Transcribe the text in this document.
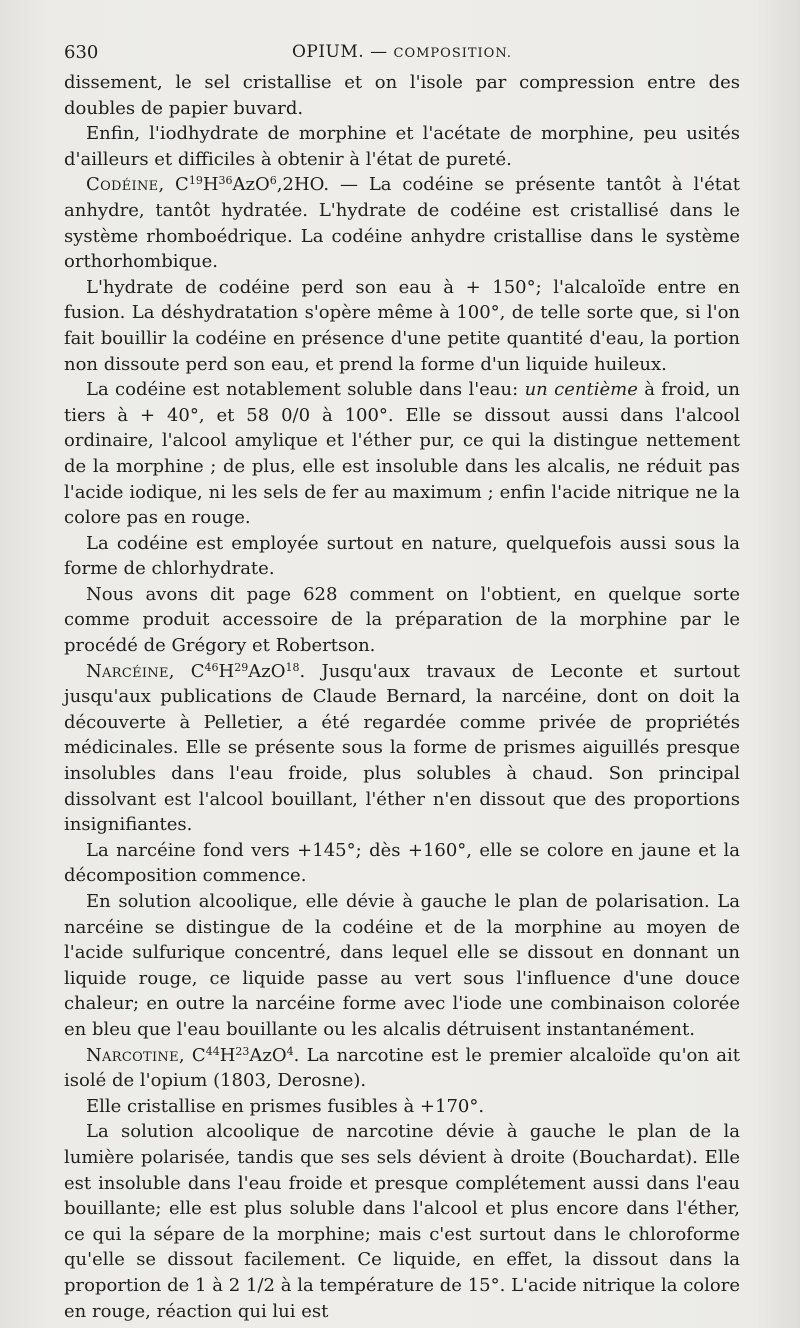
630	OPIUM. — COMPOSITION.

dissement, le sel cristallise et on l'isole par compression entre des doubles de papier buvard.

Enfin, l'iodhydrate de morphine et l'acétate de morphine, peu usités d'ailleurs et difficiles à obtenir à l'état de pureté.

Codéine, $C^{19}H^{36}AzO^6,2HO$. — La codéine se présente tantôt à l'état anhydre, tantôt hydratée. L'hydrate de codéine est cristallisé dans le système rhomboédrique. La codéine anhydre cristallise dans le système orthorhombique.

L'hydrate de codéine perd son eau à + 150°; l'alcaloïde entre en fusion. La déshydratation s'opère même à 100°, de telle sorte que, si l'on fait bouillir la codéine en présence d'une petite quantité d'eau, la portion non dissoute perd son eau, et prend la forme d'un liquide huileux.

La codéine est notablement soluble dans l'eau: un centième à froid, un tiers à + 40°, et 58 0/0 à 100°. Elle se dissout aussi dans l'alcool ordinaire, l'alcool amylique et l'éther pur, ce qui la distingue nettement de la morphine ; de plus, elle est insoluble dans les alcalis, ne réduit pas l'acide iodique, ni les sels de fer au maximum ; enfin l'acide nitrique ne la colore pas en rouge.

La codéine est employée surtout en nature, quelquefois aussi sous la forme de chlorhydrate.

Nous avons dit page 628 comment on l'obtient, en quelque sorte comme produit accessoire de la préparation de la morphine par le procédé de Grégory et Robertson.

Narcéine, $C^{46}H^{29}AzO^{18}$. Jusqu'aux travaux de Leconte et surtout jusqu'aux publications de Claude Bernard, la narcéine, dont on doit la découverte à Pelletier, a été regardée comme privée de propriétés médicinales. Elle se présente sous la forme de prismes aiguillés presque insolubles dans l'eau froide, plus solubles à chaud. Son principal dissolvant est l'alcool bouillant, l'éther n'en dissout que des proportions insignifiantes.

La narcéine fond vers +145°; dès +160°, elle se colore en jaune et la décomposition commence.

En solution alcoolique, elle dévie à gauche le plan de polarisation. La narcéine se distingue de la codéine et de la morphine au moyen de l'acide sulfurique concentré, dans lequel elle se dissout en donnant un liquide rouge, ce liquide passe au vert sous l'influence d'une douce chaleur; en outre la narcéine forme avec l'iode une combinaison colorée en bleu que l'eau bouillante ou les alcalis détruisent instantanément.

Narcotine, $C^{44}H^{23}AzO^4$. La narcotine est le premier alcaloïde qu'on ait isolé de l'opium (1803, Derosne).

Elle cristallise en prismes fusibles à +170°.

La solution alcoolique de narcotine dévie à gauche le plan de la lumière polarisée, tandis que ses sels dévient à droite (Bouchardat). Elle est insoluble dans l'eau froide et presque complétement aussi dans l'eau bouillante; elle est plus soluble dans l'alcool et plus encore dans l'éther, ce qui la sépare de la morphine; mais c'est surtout dans le chloroforme qu'elle se dissout facilement. Ce liquide, en effet, la dissout dans la proportion de 1 à 2 1/2 à la température de 15°. L'acide nitrique la colore en rouge, réaction qui lui est
